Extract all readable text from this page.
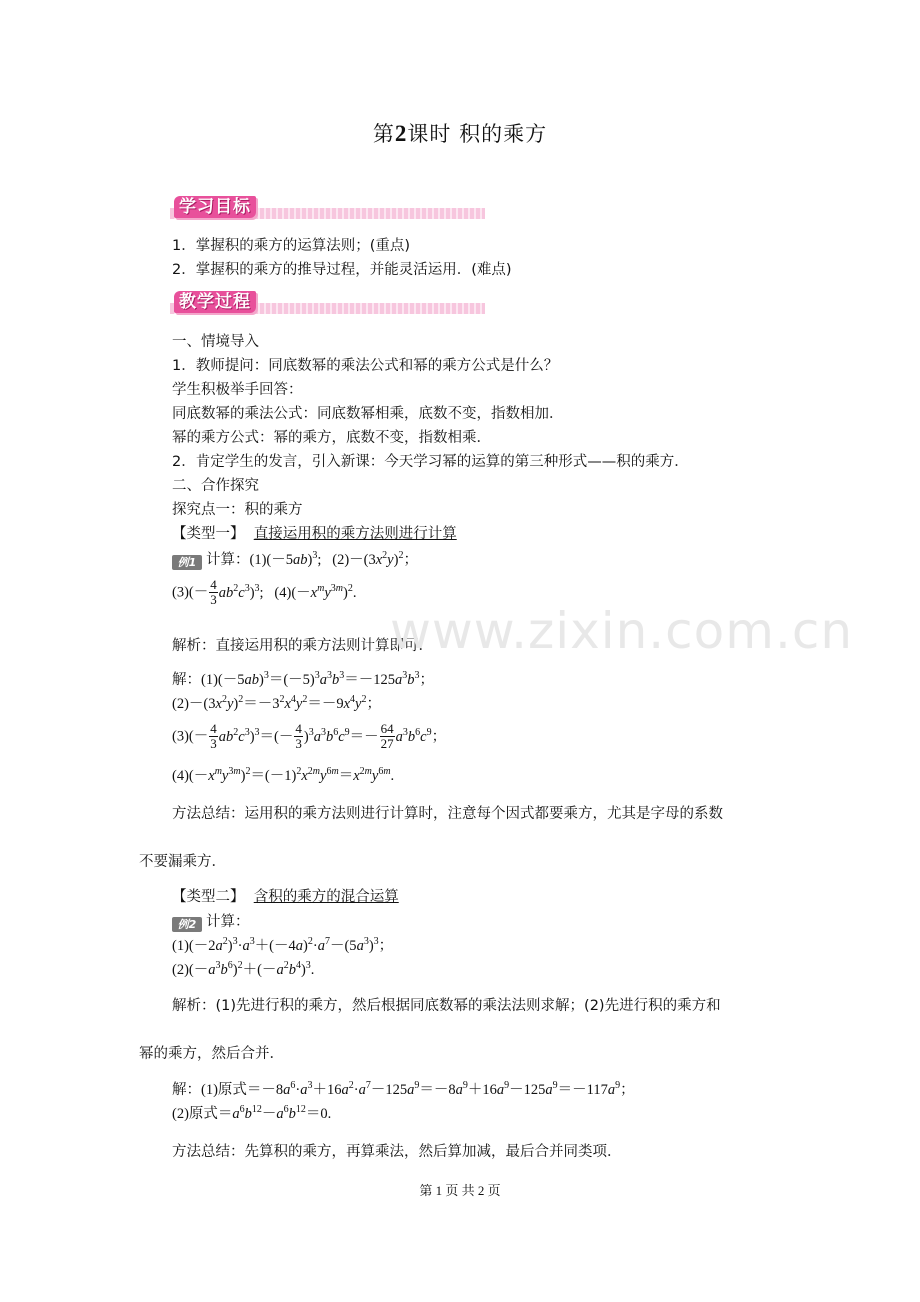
第2课时 积的乘方
学习目标
1．掌握积的乘方的运算法则；(重点)
2．掌握积的乘方的推导过程，并能灵活运用．(难点)
教学过程
一、情境导入
1．教师提问：同底数幂的乘法公式和幂的乘方公式是什么？
学生积极举手回答：
同底数幂的乘法公式：同底数幂相乘，底数不变，指数相加．
幂的乘方公式：幂的乘方，底数不变，指数相乘．
2．肯定学生的发言，引入新课：今天学习幂的运算的第三种形式——积的乘方．
二、合作探究
探究点一：积的乘方
【类型一】 直接运用积的乘方法则进行计算
例1 计算：$(1)(-5ab)^3$;   $(2)-(3x^2y)^2$；
$(3)(- \frac{4}{3} ab^2c^3)^3$;   $(4)(-x^my^{3m})^2$.
解析：直接运用积的乘方法则计算即可．
解：$(1)(-5ab)^3=(-5)^3a^3b^3=-125a^3b^3$；
$(2)-(3x^2y)^2=-3^2x^4y^2=-9x^4y^2$；
$(3)(- \frac{4}{3} ab^2c^3)^3=(- \frac{4}{3} )^3a^3b^6c^9=- \frac{64}{27} a^3b^6c^9$；
$(4)(-x^my^{3m})^2=(-1)^2x^{2m}y^{6m}=x^{2m}y^{6m}$.
方法总结：运用积的乘方法则进行计算时，注意每个因式都要乘方，尤其是字母的系数
不要漏乘方．
【类型二】 含积的乘方的混合运算
例2 计算：
$(1)(-2a^2)^3\cdot a^3+(-4a)^2\cdot a^7-(5a^3)^3$；
$(2)(-a^3b^6)^2+(-a^2b^4)^3$.
解析：(1)先进行积的乘方，然后根据同底数幂的乘法法则求解；(2)先进行积的乘方和
幂的乘方，然后合并．
解：(1)原式$=-8a^6\cdot a^3+16a^2\cdot a^7-125a^9=-8a^9+16a^9-125a^9=-117a^9$；
(2)原式$=a^6b^{12}-a^6b^{12}=0$.
方法总结：先算积的乘方，再算乘法，然后算加减，最后合并同类项．
www.zixin.com.cn
第 1 页 共 2 页
